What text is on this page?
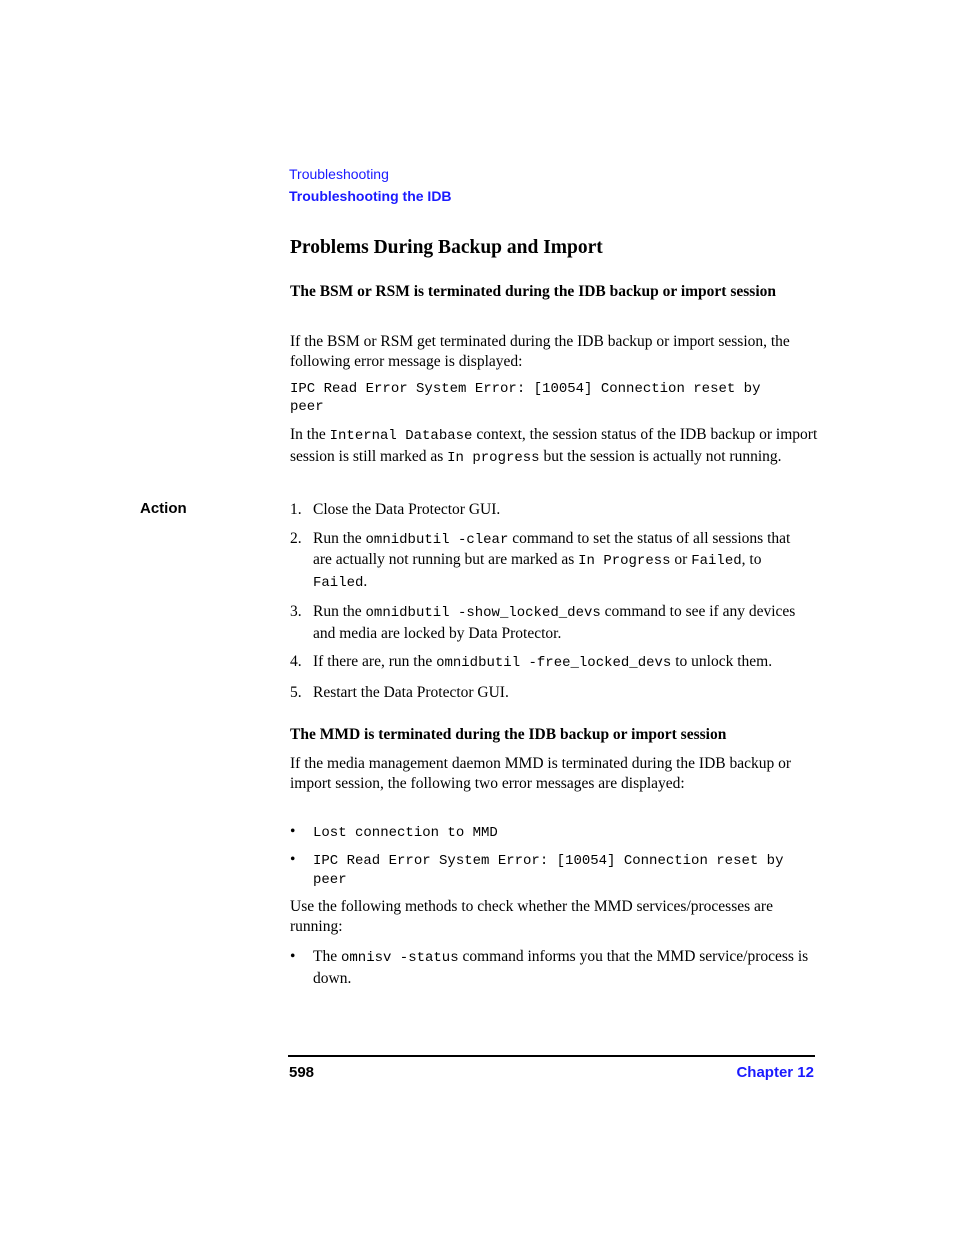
Troubleshooting
Troubleshooting the IDB
Problems During Backup and Import
The BSM or RSM is terminated during the IDB backup or import session
If the BSM or RSM get terminated during the IDB backup or import session, the following error message is displayed:
IPC Read Error System Error: [10054] Connection reset by
peer
In the Internal Database context, the session status of the IDB backup or import session is still marked as In progress but the session is actually not running.
Action	1. Close the Data Protector GUI.
2. Run the omnidbutil -clear command to set the status of all sessions that are actually not running but are marked as In Progress or Failed, to Failed.
3. Run the omnidbutil -show_locked_devs command to see if any devices and media are locked by Data Protector.
4. If there are, run the omnidbutil -free_locked_devs to unlock them.
5. Restart the Data Protector GUI.
The MMD is terminated during the IDB backup or import session
If the media management daemon MMD is terminated during the IDB backup or import session, the following two error messages are displayed:
• Lost connection to MMD
• IPC Read Error System Error: [10054] Connection reset by peer
Use the following methods to check whether the MMD services/processes are running:
• The omnisv -status command informs you that the MMD service/process is down.
598	Chapter 12
